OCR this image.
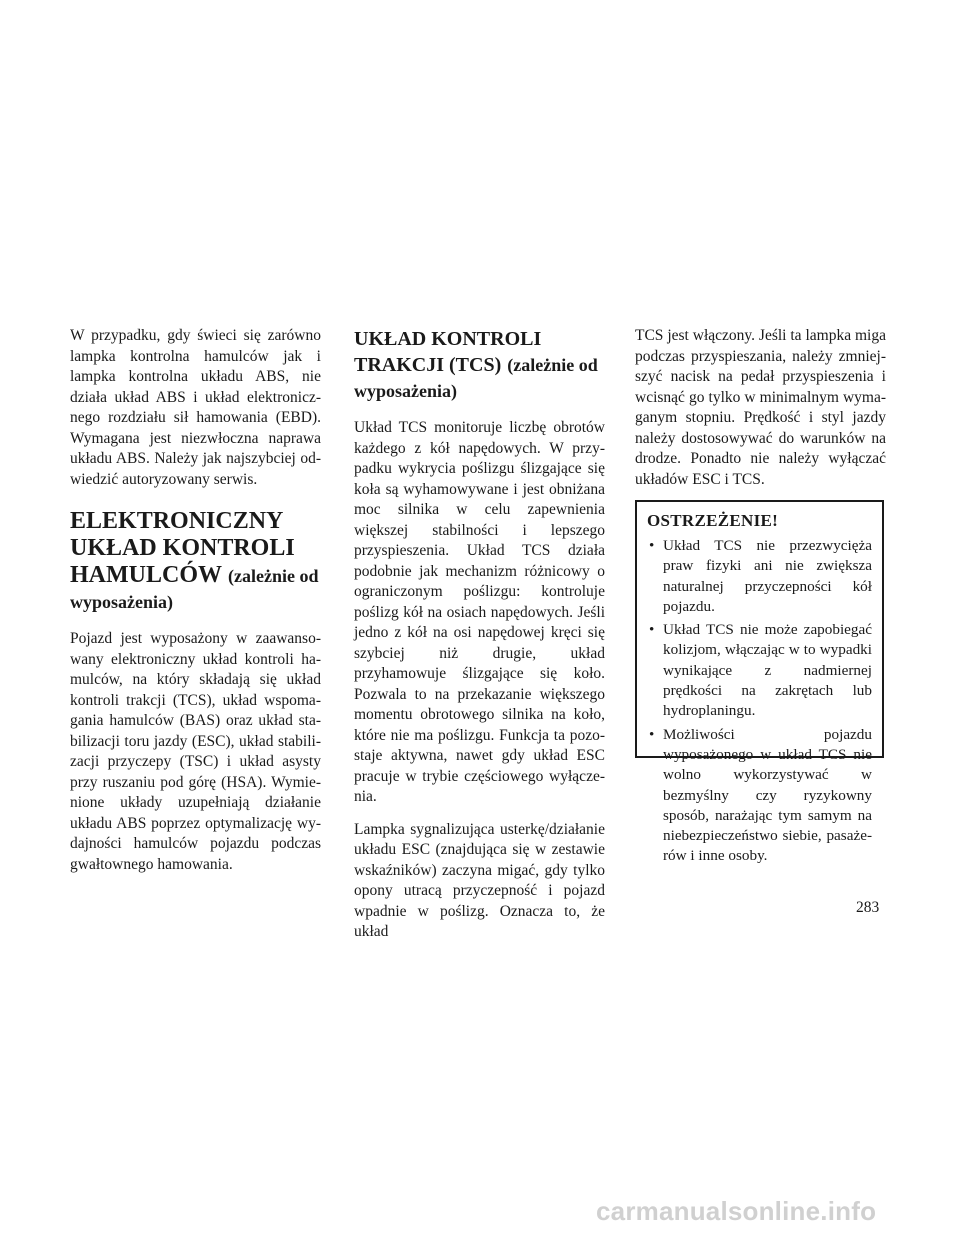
W przypadku, gdy świeci się zarówno lampka kontrolna hamulców jak i lampka kontrolna układu ABS, nie działa układ ABS i układ elektronicznego rozdziału sił hamowania (EBD). Wymagana jest niezwłoczna naprawa układu ABS. Należy jak najszybciej odwiedzić autoryzowany serwis.

ELEKTRONICZNY UKŁAD KONTROLI HAMULCÓW (zależnie od wyposażenia)

Pojazd jest wyposażony w zaawansowany elektroniczny układ kontroli hamulców, na który składają się układ kontroli trakcji (TCS), układ wspomagania hamulców (BAS) oraz układ stabilizacji toru jazdy (ESC), układ stabilizacji przyczepy (TSC) i układ asysty przy ruszaniu pod górę (HSA). Wymienione układy uzupełniają działanie układu ABS poprzez optymalizację wydajności hamulców pojazdu podczas gwałtownego hamowania.

UKŁAD KONTROLI TRAKCJI (TCS) (zależnie od wyposażenia)

Układ TCS monitoruje liczbę obrotów każdego z kół napędowych. W przypadku wykrycia poślizgu ślizgające się koła są wyhamowywane i jest obniżana moc silnika w celu zapewnienia większej stabilności i lepszego przyspieszenia. Układ TCS działa podobnie jak mechanizm różnicowy o ograniczonym poślizgu: kontroluje poślizg kół na osiach napędowych. Jeśli jedno z kół na osi napędowej kręci się szybciej niż drugie, układ przyhamowuje ślizgające się koło. Pozwala to na przekazanie większego momentu obrotowego silnika na koło, które nie ma poślizgu. Funkcja ta pozostaje aktywna, nawet gdy układ ESC pracuje w trybie częściowego wyłączenia.

Lampka sygnalizująca usterkę/działanie układu ESC (znajdująca się w zestawie wskaźników) zaczyna migać, gdy tylko opony utracą przyczepność i pojazd wpadnie w poślizg. Oznacza to, że układ

TCS jest włączony. Jeśli ta lampka miga podczas przyspieszania, należy zmniejszyć nacisk na pedał przyspieszenia i wcisnąć go tylko w minimalnym wymaganym stopniu. Prędkość i styl jazdy należy dostosowywać do warunków na drodze. Ponadto nie należy wyłączać układów ESC i TCS.

OSTRZEŻENIE!
• Układ TCS nie przezwycięża praw fizyki ani nie zwiększa naturalnej przyczepności kół pojazdu.
• Układ TCS nie może zapobiegać kolizjom, włączając w to wypadki wynikające z nadmiernej prędkości na zakrętach lub hydroplaningu.
• Możliwości pojazdu wyposażonego w układ TCS nie wolno wykorzystywać w bezmyślny czy ryzykowny sposób, narażając tym samym na niebezpieczeństwo siebie, pasażerów i inne osoby.
283
carmanualsonline.info
